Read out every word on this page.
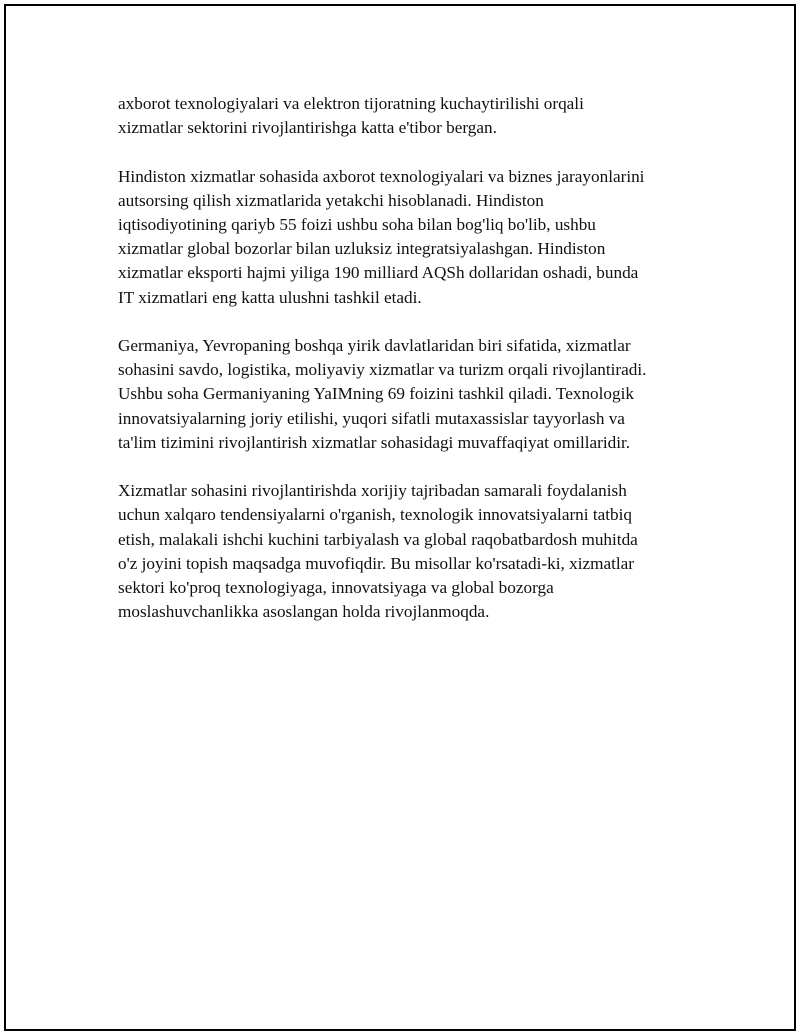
axborot texnologiyalari va elektron tijoratning kuchaytirilishi orqali
xizmatlar sektorini rivojlantirishga katta e'tibor bergan.

Hindiston xizmatlar sohasida axborot texnologiyalari va biznes jarayonlarini
autsorsing qilish xizmatlarida yetakchi hisoblanadi. Hindiston
iqtisodiyotining qariyb 55 foizi ushbu soha bilan bog'liq bo'lib, ushbu
xizmatlar global bozorlar bilan uzluksiz integratsiyalashgan. Hindiston
xizmatlar eksporti hajmi yiliga 190 milliard AQSh dollaridan oshadi, bunda
IT xizmatlari eng katta ulushni tashkil etadi.

Germaniya, Yevropaning boshqa yirik davlatlaridan biri sifatida, xizmatlar
sohasini savdo, logistika, moliyaviy xizmatlar va turizm orqali rivojlantiradi.
Ushbu soha Germaniyaning YaIMning 69 foizini tashkil qiladi. Texnologik
innovatsiyalarning joriy etilishi, yuqori sifatli mutaxassislar tayyorlash va
ta'lim tizimini rivojlantirish xizmatlar sohasidagi muvaffaqiyat omillaridir.

Xizmatlar sohasini rivojlantirishda xorijiy tajribadan samarali foydalanish
uchun xalqaro tendensiyalarni o'rganish, texnologik innovatsiyalarni tatbiq
etish, malakali ishchi kuchini tarbiyalash va global raqobatbardosh muhitda
o'z joyini topish maqsadga muvofiqdir. Bu misollar ko'rsatadi-ki, xizmatlar
sektori ko'proq texnologiyaga, innovatsiyaga va global bozorga
moslashuvchanlikka asoslangan holda rivojlanmoqda.
